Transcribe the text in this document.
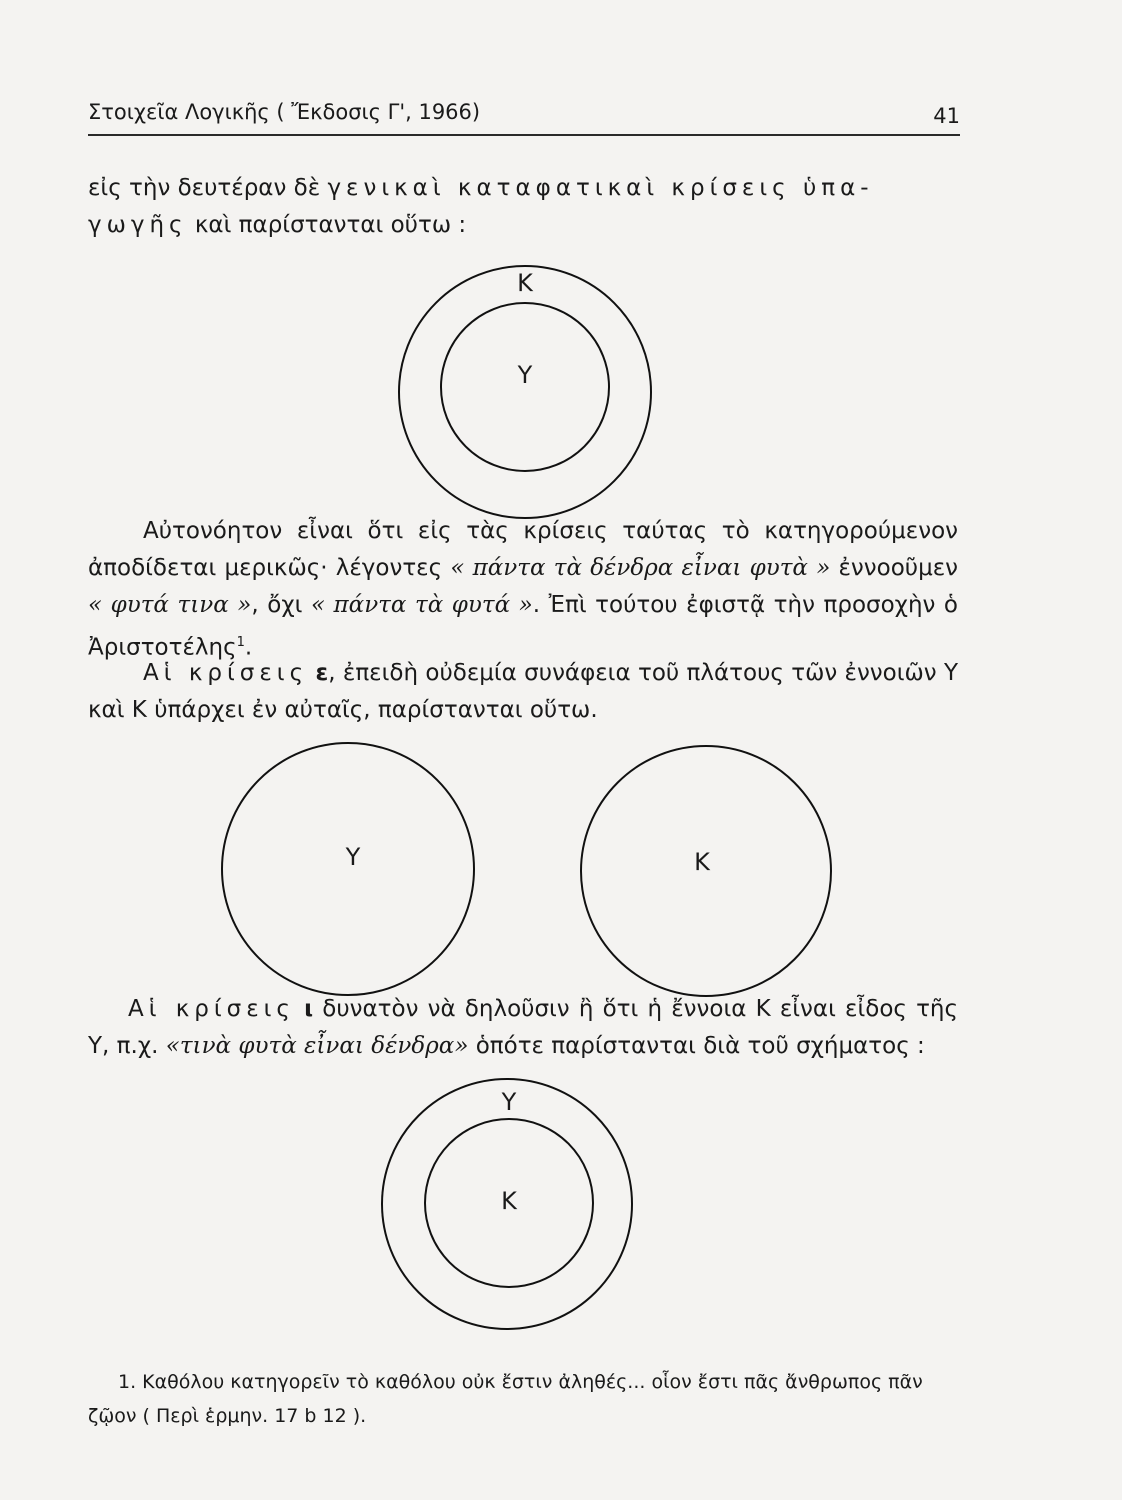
Στοιχεῖα Λογικῆς ( Ἔκδοσις Γ', 1966)	41

εἰς τὴν δευτέραν δὲ γενικαὶ καταφατικαὶ κρίσεις ὑπα-
γωγῆς καὶ παρίστανται οὕτω :

Κ
Υ

Αὐτονόητον εἶναι ὅτι εἰς τὰς κρίσεις ταύτας τὸ κατηγορούμενον ἀποδίδεται μερικῶς· λέγοντες « πάντα τὰ δένδρα εἶναι φυτὰ » ἐννοοῦμεν « φυτά τινα », ὄχι « πάντα τὰ φυτά ». Ἐπὶ τούτου ἐφιστᾷ τὴν προσοχὴν ὁ Ἀριστοτέλης$^1$.

Αἱ κρίσεις ε, ἐπειδὴ οὐδεμία συνάφεια τοῦ πλάτους τῶν ἐννοιῶν Υ καὶ Κ ὑπάρχει ἐν αὐταῖς, παρίστανται οὕτω.

Υ	Κ

Αἱ κρίσεις ι δυνατὸν νὰ δηλοῦσιν ἢ ὅτι ἡ ἔννοια Κ εἶναι εἶδος τῆς Υ, π.χ. «τινὰ φυτὰ εἶναι δένδρα» ὁπότε παρίστανται διὰ τοῦ σχήματος :

Υ
Κ

1. Καθόλου κατηγορεῖν τὸ καθόλου οὐκ ἔστιν ἀληθές... οἷον ἔστι πᾶς ἄνθρωπος πᾶν ζῷον ( Περὶ ἑρμην. 17 b 12 ).
